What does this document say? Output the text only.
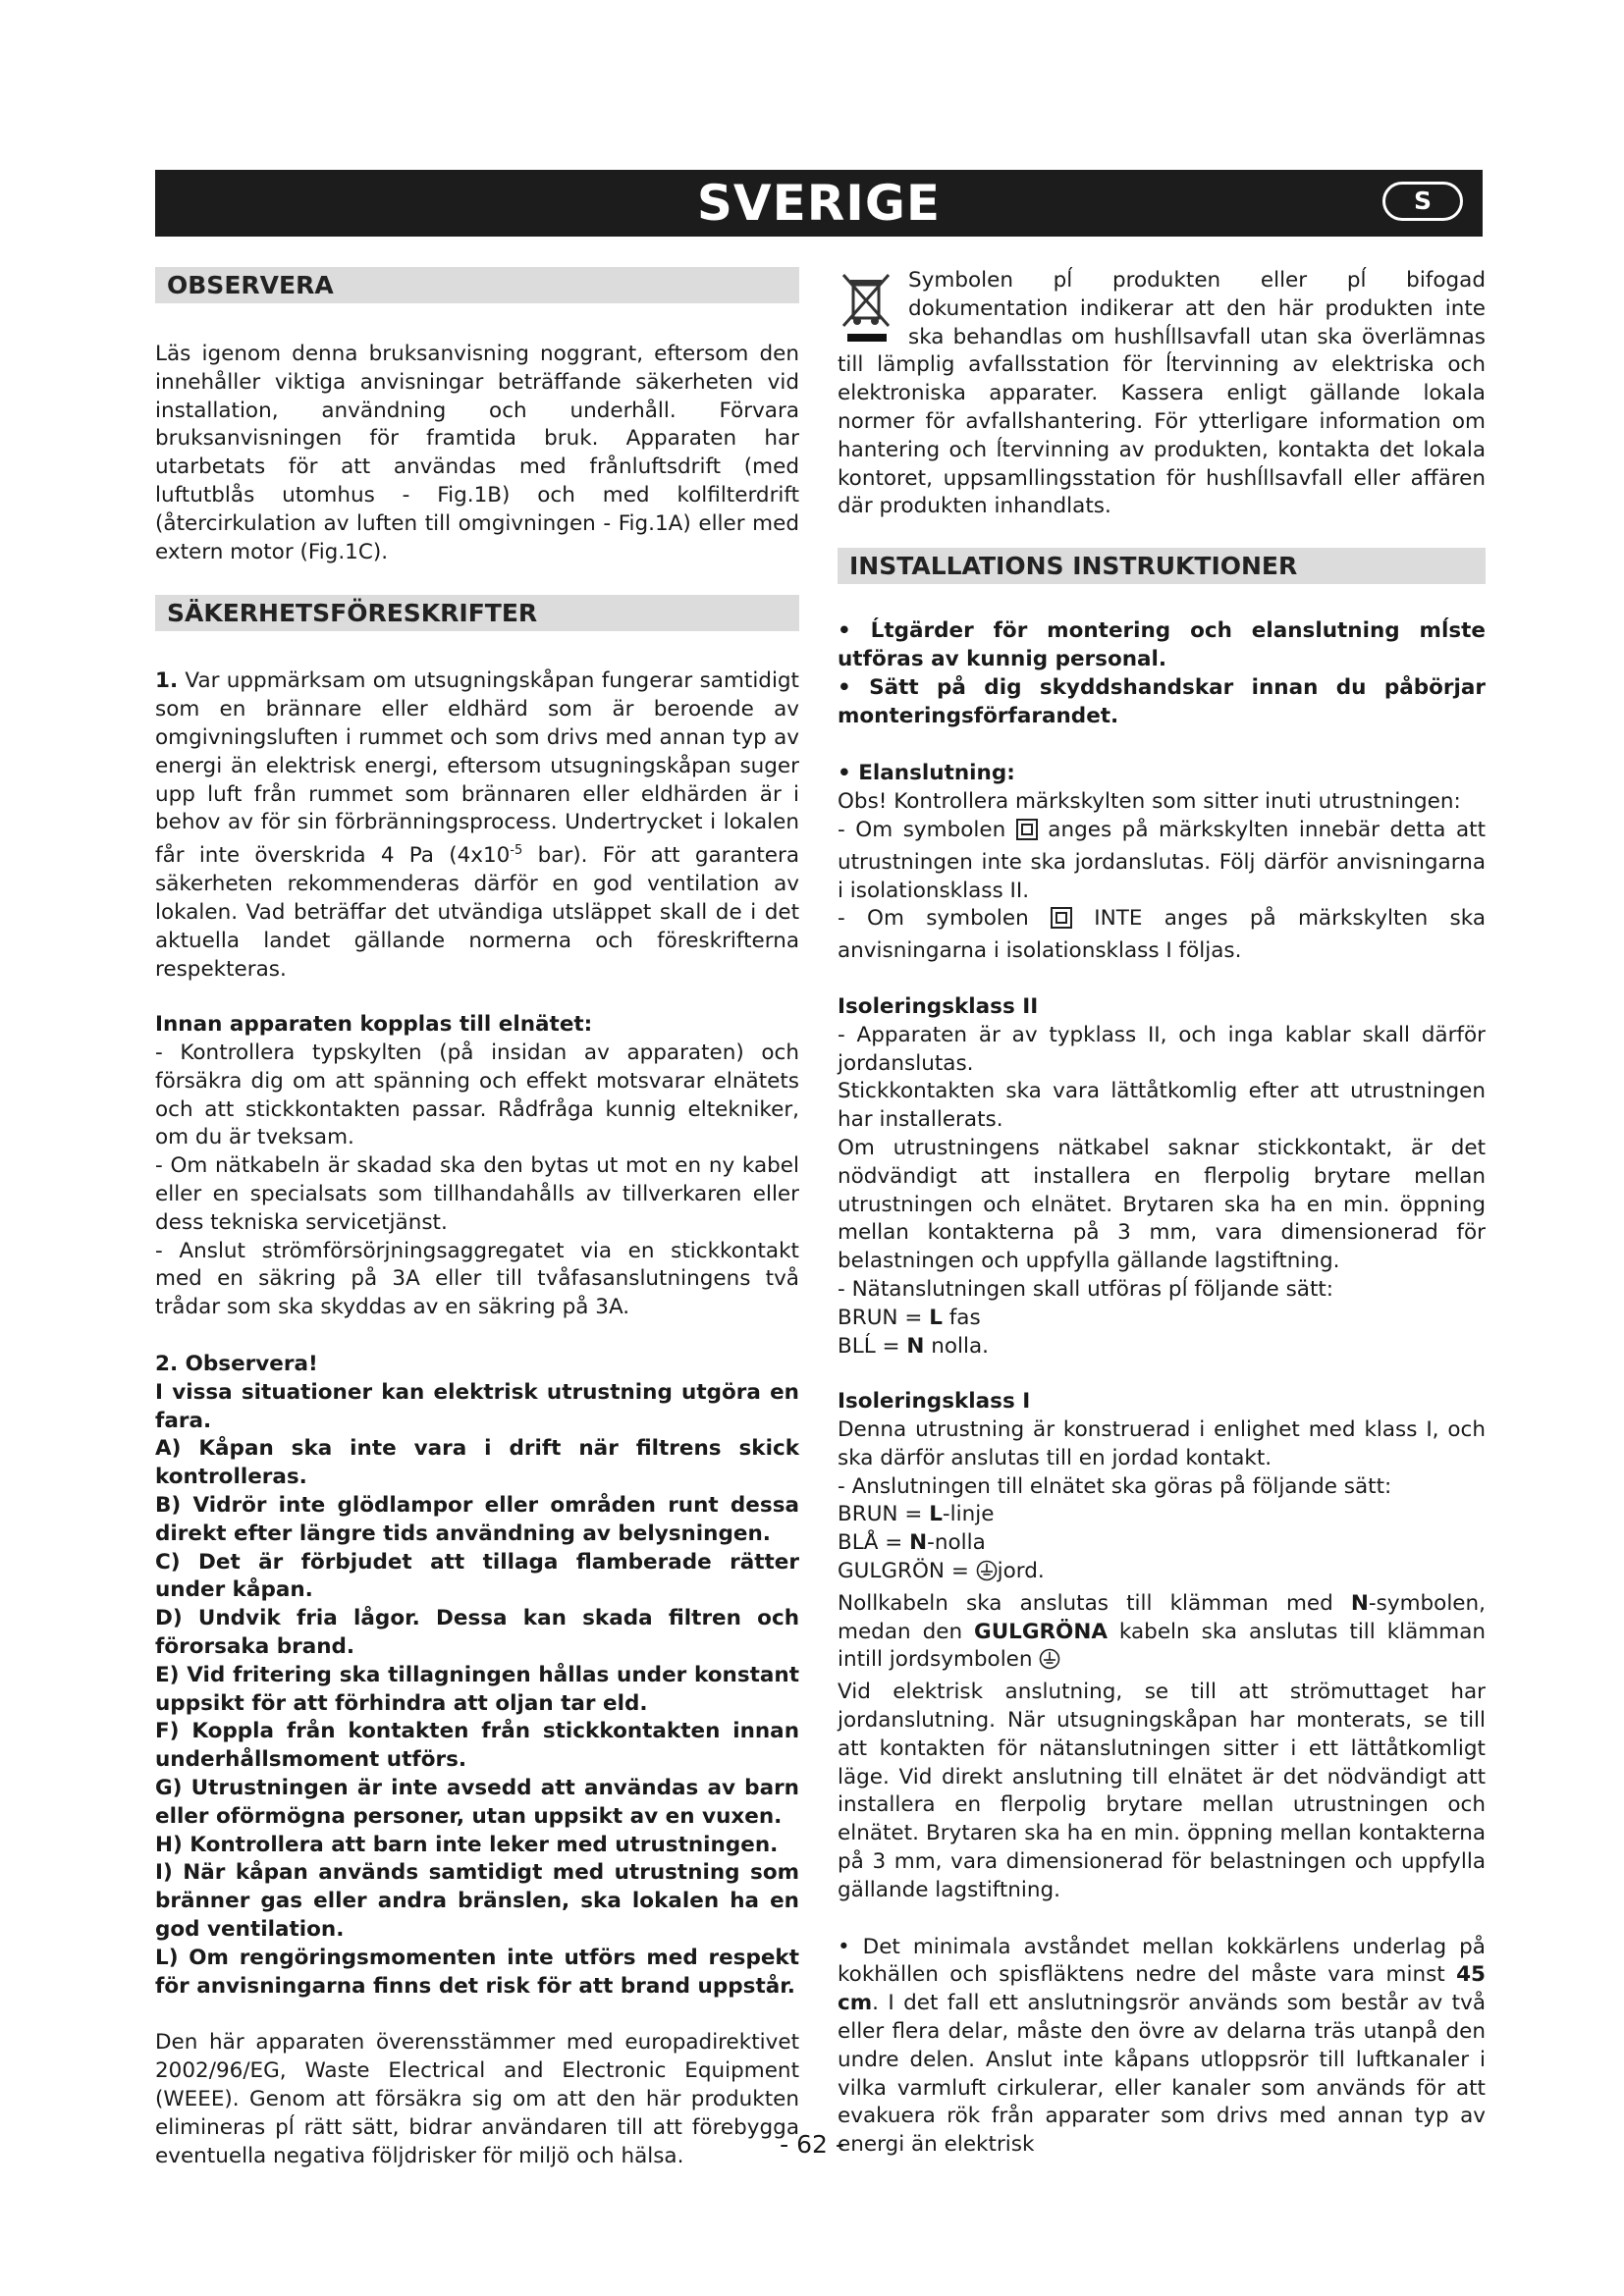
SVERIGE	S
OBSERVERA

Läs igenom denna bruksanvisning noggrant, eftersom den innehåller viktiga anvisningar beträffande säkerheten vid installation, användning och underhåll. Förvara bruksanvisningen för framtida bruk. Apparaten har utarbetats för att användas med frånluftsdrift (med luftutblås utomhus - Fig.1B) och med kolfilterdrift (återcirkulation av luften till omgivningen - Fig.1A) eller med extern motor (Fig.1C).

SÄKERHETSFÖRESKRIFTER

1. Var uppmärksam om utsugningskåpan fungerar samtidigt som en brännare eller eldhärd som är beroende av omgivningsluften i rummet och som drivs med annan typ av energi än elektrisk energi, eftersom utsugningskåpan suger upp luft från rummet som brännaren eller eldhärden är i behov av för sin förbränningsprocess. Undertrycket i lokalen får inte överskrida 4 Pa ($4x10^{-5}$ bar). För att garantera säkerheten rekommenderas därför en god ventilation av lokalen. Vad beträffar det utvändiga utsläppet skall de i det aktuella landet gällande normerna och föreskrifterna respekteras.

Innan apparaten kopplas till elnätet:

- Kontrollera typskylten (på insidan av apparaten) och försäkra dig om att spänning och effekt motsvarar elnätets och att stickkontakten passar. Rådfråga kunnig eltekniker, om du är tveksam.

- Om nätkabeln är skadad ska den bytas ut mot en ny kabel eller en specialsats som tillhandahålls av tillverkaren eller dess tekniska servicetjänst.

- Anslut strömförsörjningsaggregatet via en stickkontakt med en säkring på 3A eller till tvåfasanslutningens två trådar som ska skyddas av en säkring på 3A.

2. Observera!

I vissa situationer kan elektrisk utrustning utgöra en fara.

A) Kåpan ska inte vara i drift när filtrens skick kontrolleras.

B) Vidrör inte glödlampor eller områden runt dessa direkt efter längre tids användning av belysningen.

C) Det är förbjudet att tillaga flamberade rätter under kåpan.

D) Undvik fria lågor. Dessa kan skada filtren och förorsaka brand.

E) Vid fritering ska tillagningen hållas under konstant uppsikt för att förhindra att oljan tar eld.

F) Koppla från kontakten från stickkontakten innan underhållsmoment utförs.

G) Utrustningen är inte avsedd att användas av barn eller oförmögna personer, utan uppsikt av en vuxen.

H) Kontrollera att barn inte leker med utrustningen.

I) När kåpan används samtidigt med utrustning som bränner gas eller andra bränslen, ska lokalen ha en god ventilation.

L) Om rengöringsmomenten inte utförs med respekt för anvisningarna finns det risk för att brand uppstår.

Den här apparaten överensstämmer med europadirektivet 2002/96/EG, Waste Electrical and Electronic Equipment (WEEE). Genom att försäkra sig om att den här produkten elimineras pĺ rätt sätt, bidrar användaren till att förebygga eventuella negativa följdrisker för miljö och hälsa.

Symbolen pĺ produkten eller pĺ bifogad dokumentation indikerar att den här produkten inte ska behandlas om hushĺllsavfall utan ska överlämnas till lämplig avfallsstation för ĺtervinning av elektriska och elektroniska apparater. Kassera enligt gällande lokala normer för avfallshantering. För ytterligare information om hantering och ĺtervinning av produkten, kontakta det lokala kontoret, uppsamllingsstation för hushĺllsavfall eller affären där produkten inhandlats.

INSTALLATIONS INSTRUKTIONER

• Ĺtgärder för montering och elanslutning mĺste utföras av kunnig personal.

• Sätt på dig skyddshandskar innan du påbörjar monteringsförfarandet.

• Elanslutning:

Obs! Kontrollera märkskylten som sitter inuti utrustningen:

- Om symbolen  anges på märkskylten innebär detta att utrustningen inte ska jordanslutas. Följ därför anvisningarna i isolationsklass II.

- Om symbolen  INTE anges på märkskylten ska anvisningarna i isolationsklass I följas.

Isoleringsklass II

- Apparaten är av typklass II, och inga kablar skall därför jordanslutas.

Stickkontakten ska vara lättåtkomlig efter att utrustningen har installerats.

Om utrustningens nätkabel saknar stickkontakt, är det nödvändigt att installera en flerpolig brytare mellan utrustningen och elnätet. Brytaren ska ha en min. öppning mellan kontakterna på 3 mm, vara dimensionerad för belastningen och uppfylla gällande lagstiftning.

- Nätanslutningen skall utföras pĺ följande sätt:

BRUN = L fas

BLĹ = N nolla.

Isoleringsklass I

Denna utrustning är konstruerad i enlighet med klass I, och ska därför anslutas till en jordad kontakt.

- Anslutningen till elnätet ska göras på följande sätt:

BRUN = L-linje

BLÅ = N-nolla

GULGRÖN = jord.

Nollkabeln ska anslutas till klämman med N-symbolen, medan den GULGRÖNA kabeln ska anslutas till klämman intill jordsymbolen

Vid elektrisk anslutning, se till att strömuttaget har jordanslutning. När utsugningskåpan har monterats, se till att kontakten för nätanslutningen sitter i ett lättåtkomligt läge. Vid direkt anslutning till elnätet är det nödvändigt att installera en flerpolig brytare mellan utrustningen och elnätet. Brytaren ska ha en min. öppning mellan kontakterna på 3 mm, vara dimensionerad för belastningen och uppfylla gällande lagstiftning.

• Det minimala avståndet mellan kokkärlens underlag på kokhällen och spisfläktens nedre del måste vara minst 45 cm. I det fall ett anslutningsrör används som består av två eller flera delar, måste den övre av delarna träs utanpå den undre delen. Anslut inte kåpans utloppsrör till luftkanaler i vilka varmluft cirkulerar, eller kanaler som används för att evakuera rök från apparater som drivs med annan typ av energi än elektrisk

- 62 -
